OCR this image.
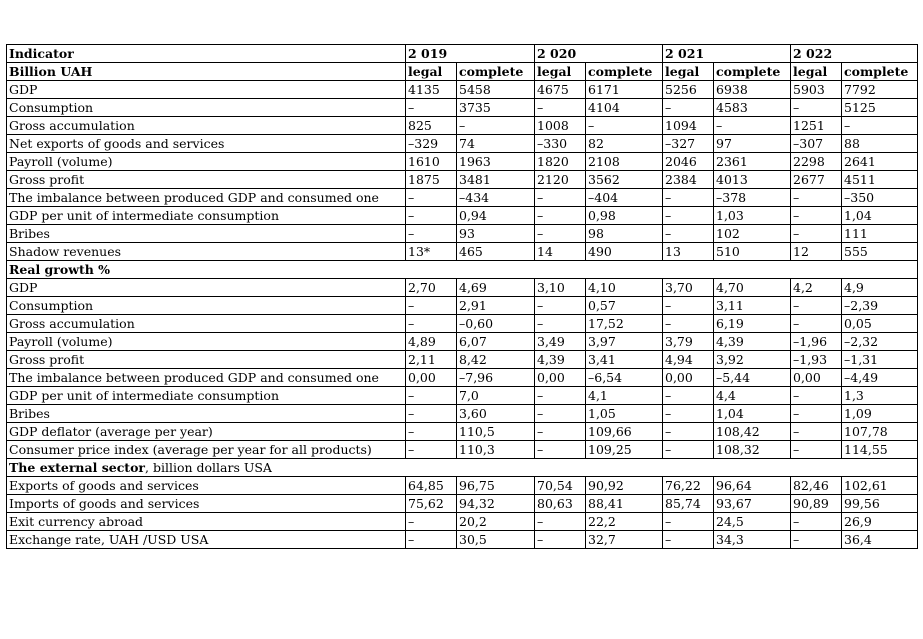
Indicator	2 019		2 020		2 021		2 022	
Billion UAH	legal	complete	legal	complete	legal	complete	legal	complete
GDP	4135	5458	4675	6171	5256	6938	5903	7792
Consumption	–	3735	–	4104	–	4583	–	5125
Gross accumulation	825	–	1008	–	1094	–	1251	–
Net exports of goods and services	–329	74	–330	82	–327	97	–307	88
Payroll (volume)	1610	1963	1820	2108	2046	2361	2298	2641
Gross profit	1875	3481	2120	3562	2384	4013	2677	4511
The imbalance between produced GDP and consumed one	–	–434	–	–404	–	–378	–	–350
GDP per unit of intermediate consumption	–	0,94	–	0,98	–	1,03	–	1,04
Bribes	–	93	–	98	–	102	–	111
Shadow revenues	13*	465	14	490	13	510	12	555
Real growth %								
GDP	2,70	4,69	3,10	4,10	3,70	4,70	4,2	4,9
Consumption	–	2,91	–	0,57	–	3,11	–	–2,39
Gross accumulation	–	–0,60	–	17,52	–	6,19	–	0,05
Payroll (volume)	4,89	6,07	3,49	3,97	3,79	4,39	–1,96	–2,32
Gross profit	2,11	8,42	4,39	3,41	4,94	3,92	–1,93	–1,31
The imbalance between produced GDP and consumed one	0,00	–7,96	0,00	–6,54	0,00	–5,44	0,00	–4,49
GDP per unit of intermediate consumption	–	7,0	–	4,1	–	4,4	–	1,3
Bribes	–	3,60	–	1,05	–	1,04	–	1,09
GDP deflator (average per year)	–	110,5	–	109,66	–	108,42	–	107,78
Consumer price index (average per year for all products)	–	110,3	–	109,25	–	108,32	–	114,55
The external sector, billion dollars USA								
Exports of goods and services	64,85	96,75	70,54	90,92	76,22	96,64	82,46	102,61
Imports of goods and services	75,62	94,32	80,63	88,41	85,74	93,67	90,89	99,56
Exit currency abroad	–	20,2	–	22,2	–	24,5	–	26,9
Exchange rate, UAH /USD USA	–	30,5	–	32,7	–	34,3	–	36,4
